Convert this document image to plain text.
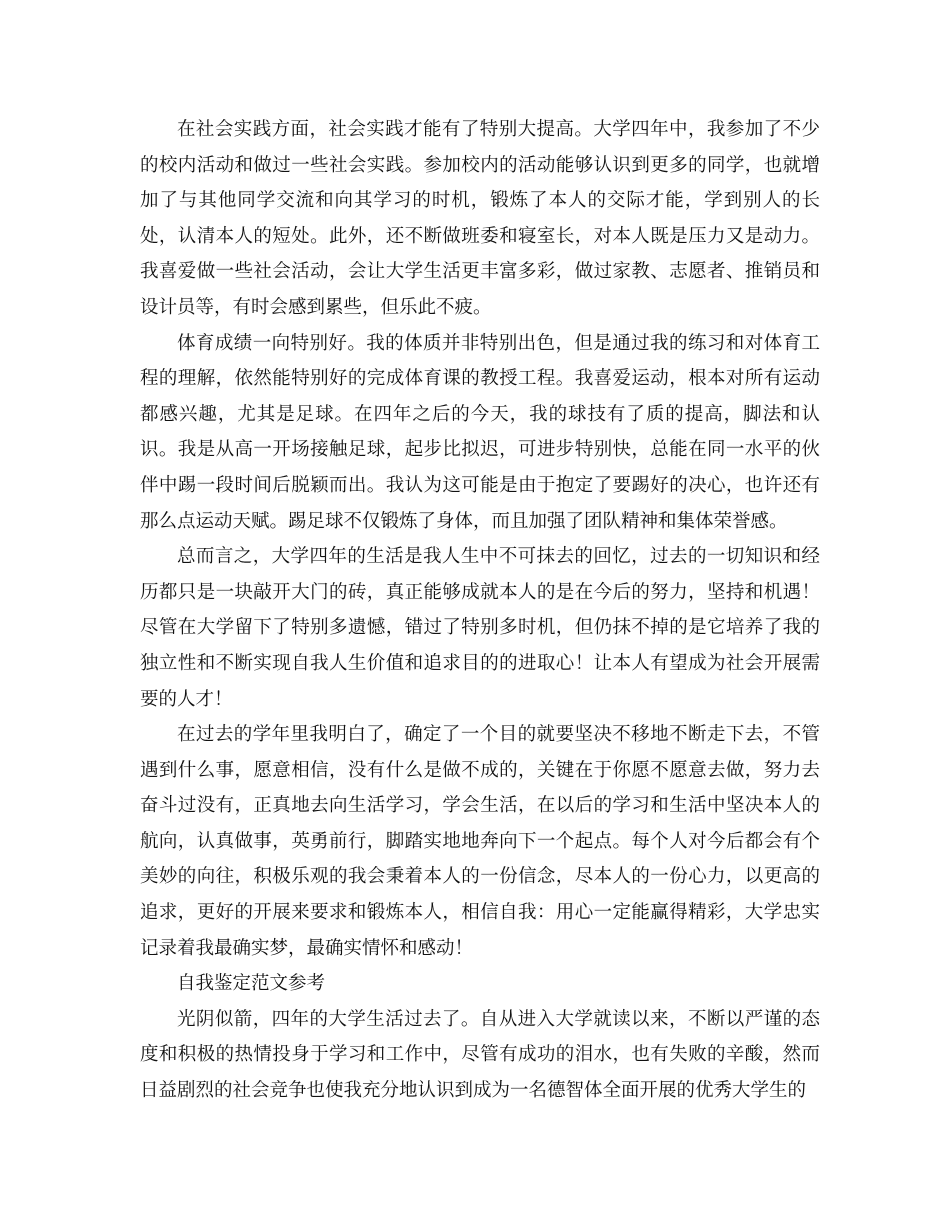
在社会实践方面，社会实践才能有了特别大提高。大学四年中，我参加了不少的校内活动和做过一些社会实践。参加校内的活动能够认识到更多的同学，也就增加了与其他同学交流和向其学习的时机，锻炼了本人的交际才能，学到别人的长处，认清本人的短处。此外，还不断做班委和寝室长，对本人既是压力又是动力。我喜爱做一些社会活动，会让大学生活更丰富多彩，做过家教、志愿者、推销员和设计员等，有时会感到累些，但乐此不疲。

体育成绩一向特别好。我的体质并非特别出色，但是通过我的练习和对体育工程的理解，依然能特别好的完成体育课的教授工程。我喜爱运动，根本对所有运动都感兴趣，尤其是足球。在四年之后的今天，我的球技有了质的提高，脚法和认识。我是从高一开场接触足球，起步比拟迟，可进步特别快，总能在同一水平的伙伴中踢一段时间后脱颖而出。我认为这可能是由于抱定了要踢好的决心，也许还有那么点运动天赋。踢足球不仅锻炼了身体，而且加强了团队精神和集体荣誉感。

总而言之，大学四年的生活是我人生中不可抹去的回忆，过去的一切知识和经历都只是一块敲开大门的砖，真正能够成就本人的是在今后的努力，坚持和机遇！尽管在大学留下了特别多遗憾，错过了特别多时机，但仍抹不掉的是它培养了我的独立性和不断实现自我人生价值和追求目的的进取心！让本人有望成为社会开展需要的人才！

在过去的学年里我明白了，确定了一个目的就要坚决不移地不断走下去，不管遇到什么事，愿意相信，没有什么是做不成的，关键在于你愿不愿意去做，努力去奋斗过没有，正真地去向生活学习，学会生活，在以后的学习和生活中坚决本人的航向，认真做事，英勇前行，脚踏实地地奔向下一个起点。每个人对今后都会有个美妙的向往，积极乐观的我会秉着本人的一份信念，尽本人的一份心力，以更高的追求，更好的开展来要求和锻炼本人，相信自我：用心一定能赢得精彩，大学忠实记录着我最确实梦，最确实情怀和感动！

自我鉴定范文参考

光阴似箭，四年的大学生活过去了。自从进入大学就读以来，不断以严谨的态度和积极的热情投身于学习和工作中，尽管有成功的泪水，也有失败的辛酸，然而日益剧烈的社会竞争也使我充分地认识到成为一名德智体全面开展的优秀大学生的
